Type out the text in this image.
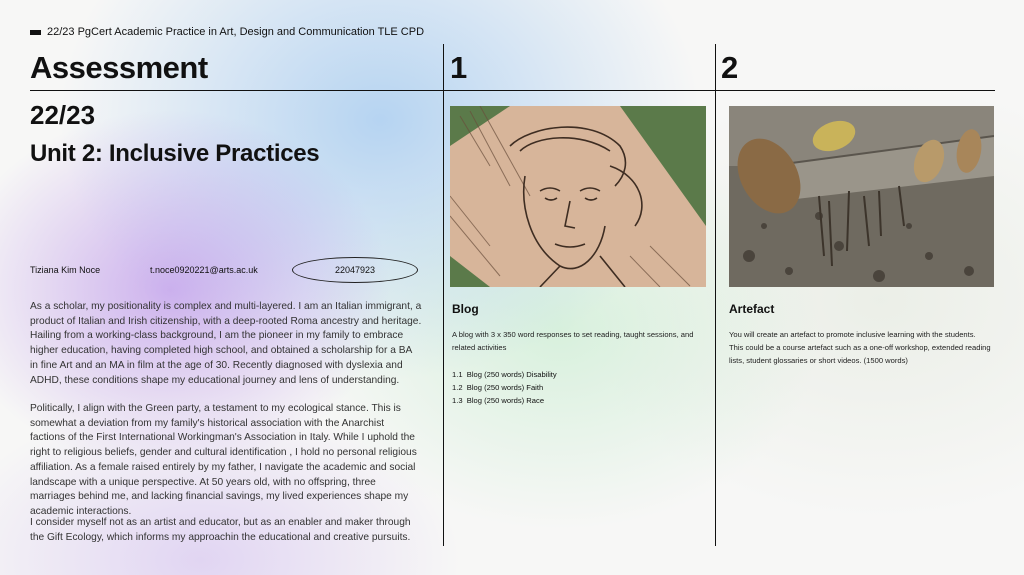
22/23 PgCert Academic Practice in Art, Design and Communication TLE CPD
Assessment	1	2
22/23
Unit 2: Inclusive Practices
Tiziana Kim Noce	t.noce0920221@arts.ac.uk	22047923
As a scholar, my positionality is complex and multi-layered. I am an Italian immigrant, a product of Italian and Irish citizenship, with a deep-rooted Roma ancestry and heritage. Hailing from a working-class background, I am the pioneer in my family to embrace higher education, having completed high school, and obtained a scholarship for a BA in fine Art and an MA in film at the age of 30. Recently diagnosed with dyslexia and ADHD, these conditions shape my educational journey and lens of understanding.
Politically, I align with the Green party, a testament to my ecological stance. This is somewhat a deviation from my family's historical association with the Anarchist factions of the First International Workingman's Association in Italy. While I uphold the right to religious beliefs, gender and cultural identification , I hold no personal religious affiliation. As a female raised entirely by my father, I navigate the academic and social landscape with a unique perspective. At 50 years old, with no offspring, three marriages behind me, and lacking financial savings, my lived experiences shape my academic interactions.
I consider myself not as an artist and educator, but as an enabler and maker through the Gift Ecology, which informs my approachin the educational and creative pursuits.
Blog
A blog with 3 x 350 word responses to set reading, taught sessions, and related activities
1.1 Blog (250 words) Disability
1.2 Blog (250 words) Faith
1.3 Blog (250 words) Race
Artefact
You will create an artefact to promote inclusive learning with the students. This could be a course artefact such as a one-off workshop, extended reading lists, student glossaries or short videos. (1500 words)
